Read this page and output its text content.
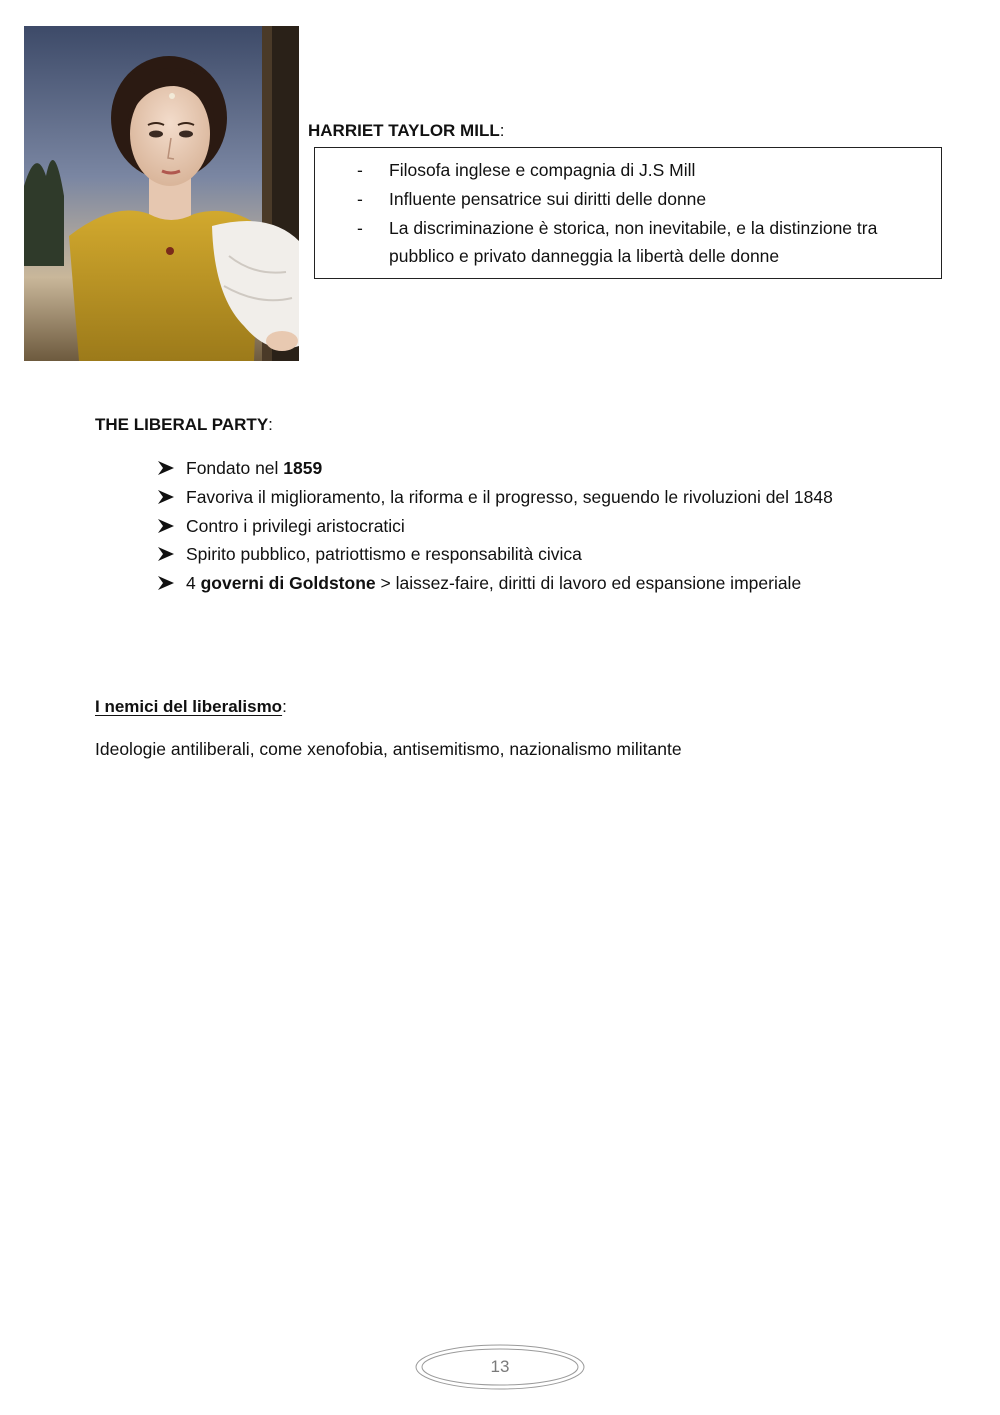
HARRIET TAYLOR MILL:
-	Filosofa inglese e compagnia di J.S Mill
-	Influente pensatrice sui diritti delle donne
-	La discriminazione è storica, non inevitabile, e la distinzione tra pubblico e privato danneggia la libertà delle donne
THE LIBERAL PARTY:
Fondato nel 1859
Favoriva il miglioramento, la riforma e il progresso, seguendo le rivoluzioni del 1848
Contro i privilegi aristocratici
Spirito pubblico, patriottismo e responsabilità civica
4 governi di Goldstone > laissez-faire, diritti di lavoro ed espansione imperiale
I nemici del liberalismo:
Ideologie antiliberali, come xenofobia, antisemitismo, nazionalismo militante
13
